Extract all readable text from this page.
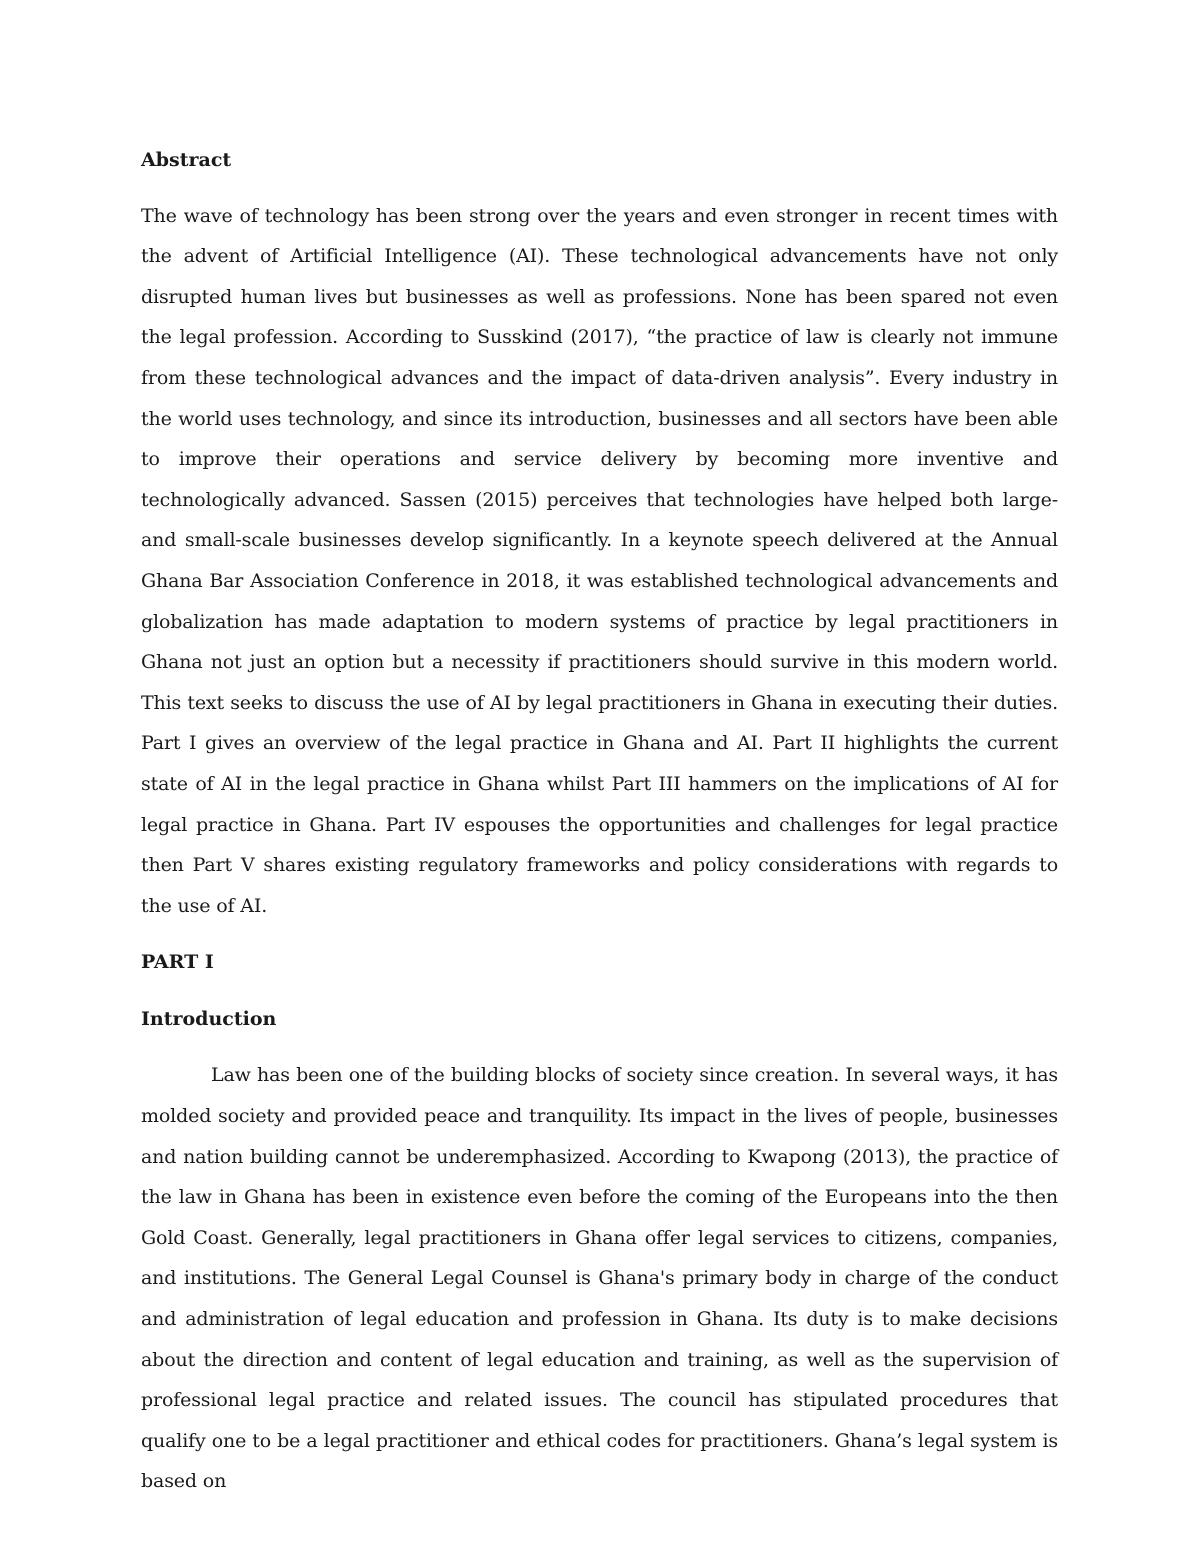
Abstract

The wave of technology has been strong over the years and even stronger in recent times with the advent of Artificial Intelligence (AI). These technological advancements have not only disrupted human lives but businesses as well as professions. None has been spared not even the legal profession. According to Susskind (2017), “the practice of law is clearly not immune from these technological advances and the impact of data-driven analysis”. Every industry in the world uses technology, and since its introduction, businesses and all sectors have been able to improve their operations and service delivery by becoming more inventive and technologically advanced. Sassen (2015) perceives that technologies have helped both large- and small-scale businesses develop significantly. In a keynote speech delivered at the Annual Ghana Bar Association Conference in 2018, it was established technological advancements and globalization has made adaptation to modern systems of practice by legal practitioners in Ghana not just an option but a necessity if practitioners should survive in this modern world. This text seeks to discuss the use of AI by legal practitioners in Ghana in executing their duties. Part I gives an overview of the legal practice in Ghana and AI. Part II highlights the current state of AI in the legal practice in Ghana whilst Part III hammers on the implications of AI for legal practice in Ghana. Part IV espouses the opportunities and challenges for legal practice then Part V shares existing regulatory frameworks and policy considerations with regards to the use of AI.

PART I
Introduction

Law has been one of the building blocks of society since creation. In several ways, it has molded society and provided peace and tranquility. Its impact in the lives of people, businesses and nation building cannot be underemphasized. According to Kwapong (2013), the practice of the law in Ghana has been in existence even before the coming of the Europeans into the then Gold Coast. Generally, legal practitioners in Ghana offer legal services to citizens, companies, and institutions. The General Legal Counsel is Ghana's primary body in charge of the conduct and administration of legal education and profession in Ghana. Its duty is to make decisions about the direction and content of legal education and training, as well as the supervision of professional legal practice and related issues. The council has stipulated procedures that qualify one to be a legal practitioner and ethical codes for practitioners. Ghana’s legal system is based on
